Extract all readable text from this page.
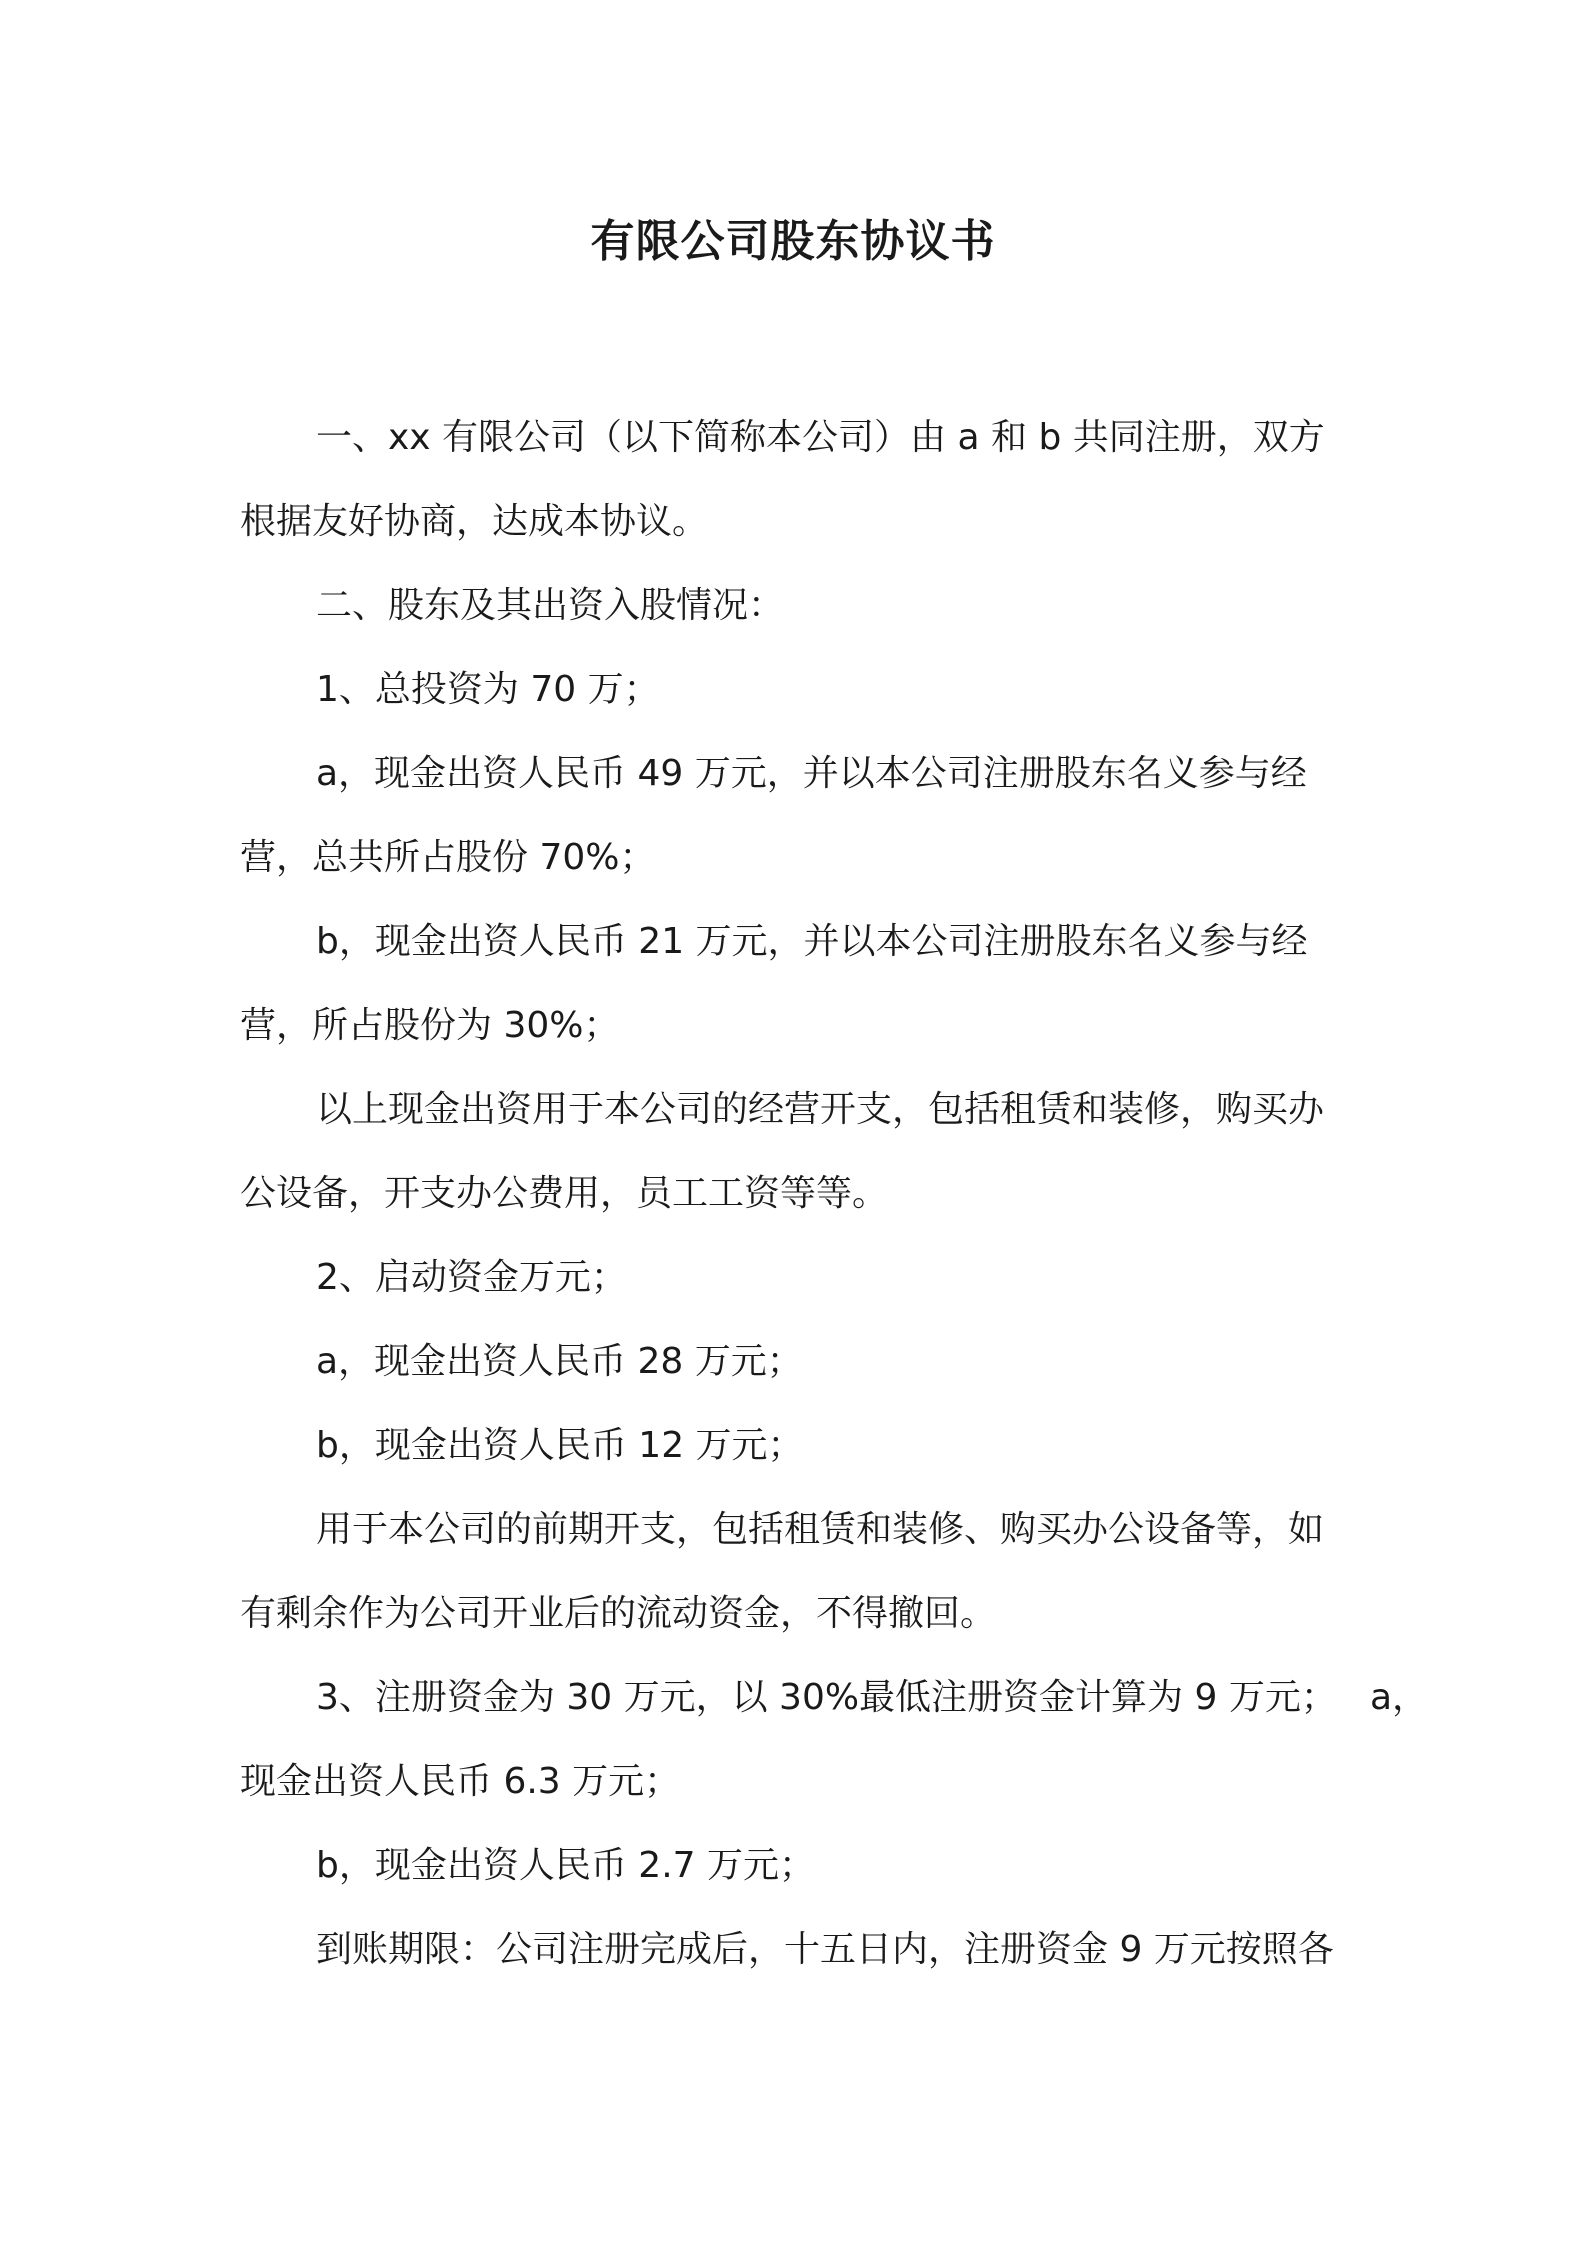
有限公司股东协议书
一、xx 有限公司（以下简称本公司）由 a 和 b 共同注册，双方
根据友好协商，达成本协议。
二、股东及其出资入股情况：
1、总投资为 70 万；
a，现金出资人民币 49 万元，并以本公司注册股东名义参与经
营，总共所占股份 70%；
b，现金出资人民币 21 万元，并以本公司注册股东名义参与经
营，所占股份为 30%；
以上现金出资用于本公司的经营开支，包括租赁和装修，购买办
公设备，开支办公费用，员工工资等等。
2、启动资金万元；
a，现金出资人民币 28 万元；
b，现金出资人民币 12 万元；
用于本公司的前期开支，包括租赁和装修、购买办公设备等，如
有剩余作为公司开业后的流动资金，不得撤回。
3、注册资金为 30 万元，以 30%最低注册资金计算为 9 万元； a，
现金出资人民币 6.3 万元；
b，现金出资人民币 2.7 万元；
到账期限：公司注册完成后，十五日内，注册资金 9 万元按照各
